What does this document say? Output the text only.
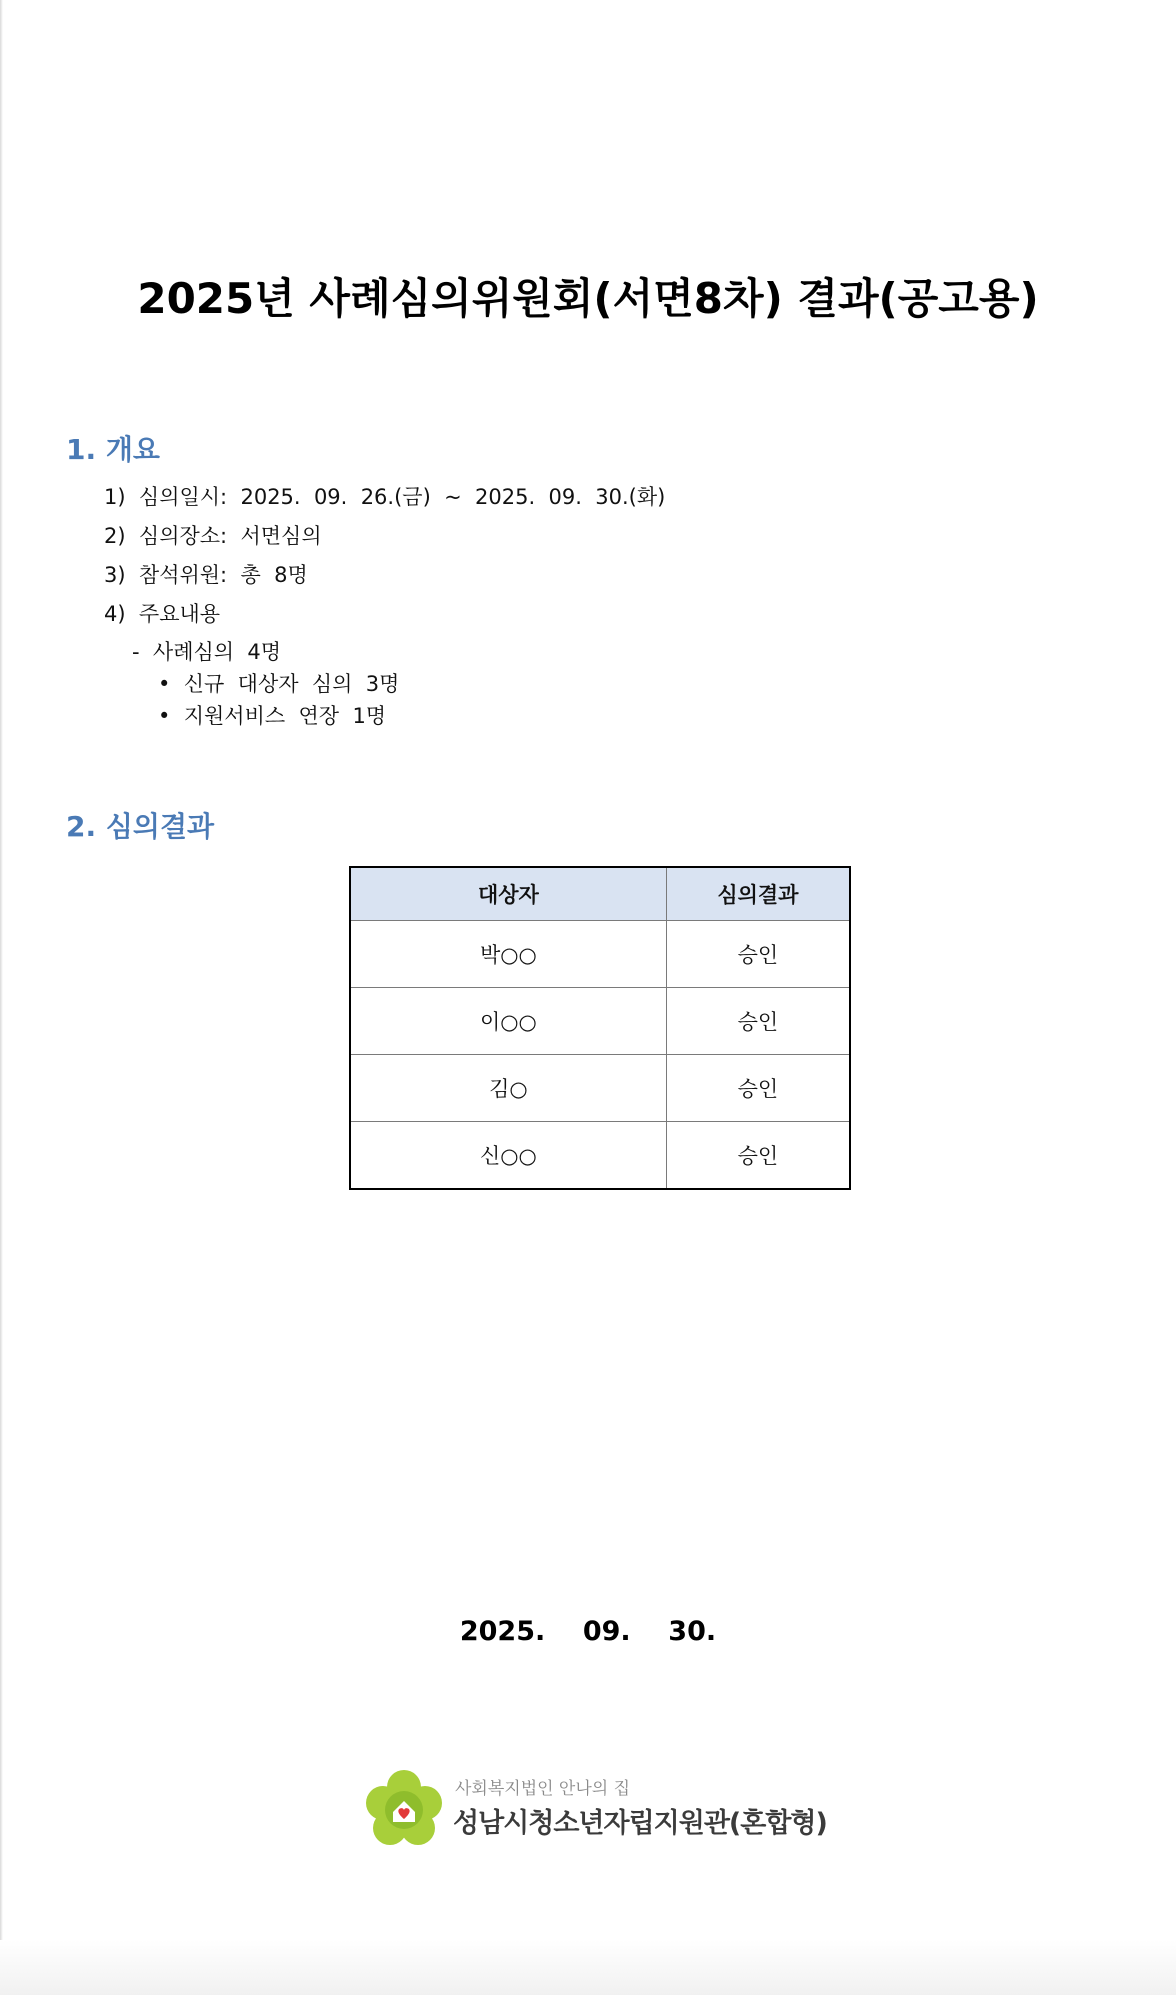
2025년 사례심의위원회(서면8차) 결과(공고용)
1. 개요
1)  심의일시:  2025.  09.  26.(금)  ~  2025.  09.  30.(화)
2)  심의장소:  서면심의
3)  참석위원:  총  8명
4)  주요내용
-  사례심의  4명
•  신규  대상자  심의  3명
•  지원서비스  연장  1명
2. 심의결과
대상자	심의결과
박○○	승인
이○○	승인
김○	승인
신○○	승인
2025.    09.    30.
사회복지법인 안나의 집
성남시청소년자립지원관(혼합형)
